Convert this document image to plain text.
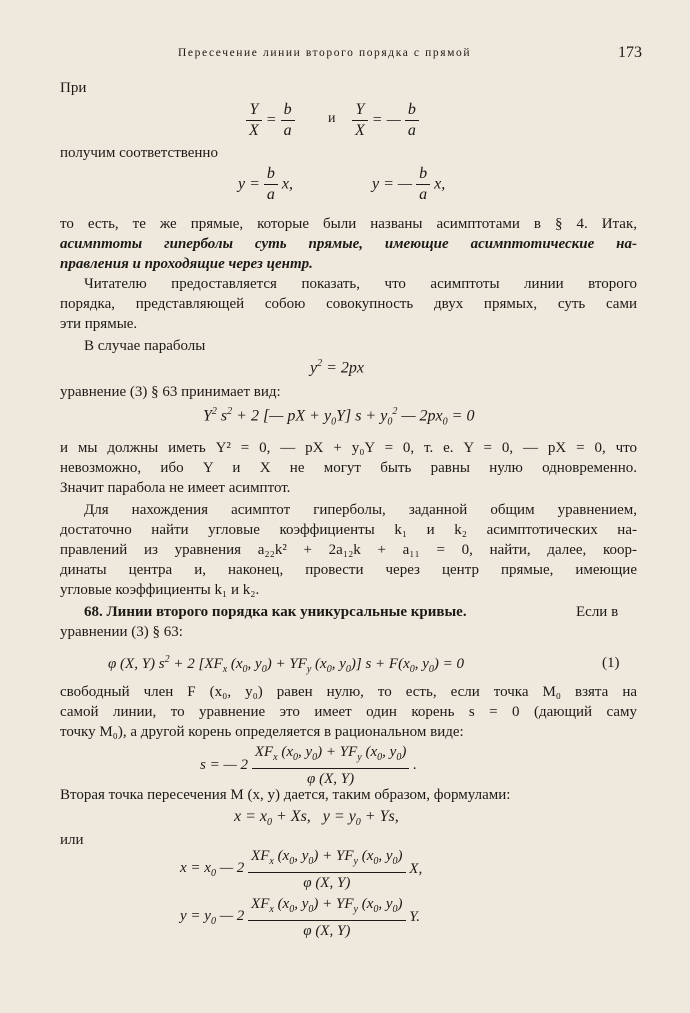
Пересечение линии второго порядка с прямой	173
При
$\frac{Y}{X} = \frac{b}{a}$ и $\frac{Y}{X}$ = — $\frac{b}{a}$
получим соответственно
$y = \frac{b}{a} x$,	y = — $\frac{b}{a} x$,
то есть, те же прямые, которые были названы асимптотами в § 4. Итак,
асимптоты гиперболы суть прямые, имеющие асимптотические на-
правления и проходящие через центр.
Читателю предоставляется показать, что асимптоты линии второго
порядка, представляющей собою совокупность двух прямых, суть сами
эти прямые.
В случае параболы
$y^2 = 2px$
уравнение (3) § 63 принимает вид:
$Y^2$ $s^2 + 2$ [— pX + $y_0Y$] $s + y_0^2$ — $2px_0 = 0$
и мы должны иметь Y² = 0, — pX + y₀Y = 0, т. е. Y = 0, — pX = 0, что
невозможно, ибо Y и X не могут быть равны нулю одновременно.
Значит парабола не имеет асимптот.
Для нахождения асимптот гиперболы, заданной общим уравнением,
достаточно найти угловые коэффициенты k₁ и k₂ асимптотических на-
правлений из уравнения a₂₂k² + 2a₁₂k + a₁₁ = 0, найти, далее, коор-
динаты центра и, наконец, провести через центр прямые, имеющие
угловые коэффициенты k₁ и k₂.
68. Линии второго порядка как уникурсальные кривые.	Если в
уравнении (3) § 63:
φ (X, Y) $s^2 + 2$ [$XF_x$ ($x_0$, $y_0) + YF_y$ ($x_0$, $y_0$)] $s + F(x_0$, $y_0) = 0$	(1)
свободный член F (x₀, y₀) равен нулю, то есть, если точка M₀ взята на
самой линии, то уравнение это имеет один корень s = 0 (дающий саму
точку M₀), а другой корень определяется в рациональном виде:
s = — $2 \frac{XF_x (x_0, y_0) + YF_y (x_0, y_0)}{\varphi (X, Y)}$ .
Вторая точка пересечения M (x, y) дается, таким образом, формулами:
$x = x_0 + Xs$,   $y = y_0 + Ys$,
или
$x = x_0$ — $2 \frac{XF_x (x_0, y_0) + YF_y (x_0, y_0)}{\varphi (X, Y)} X$,
$y = y_0$ — $2 \frac{XF_x (x_0, y_0) + YF_y (x_0, y_0)}{\varphi (X, Y)} Y$.
